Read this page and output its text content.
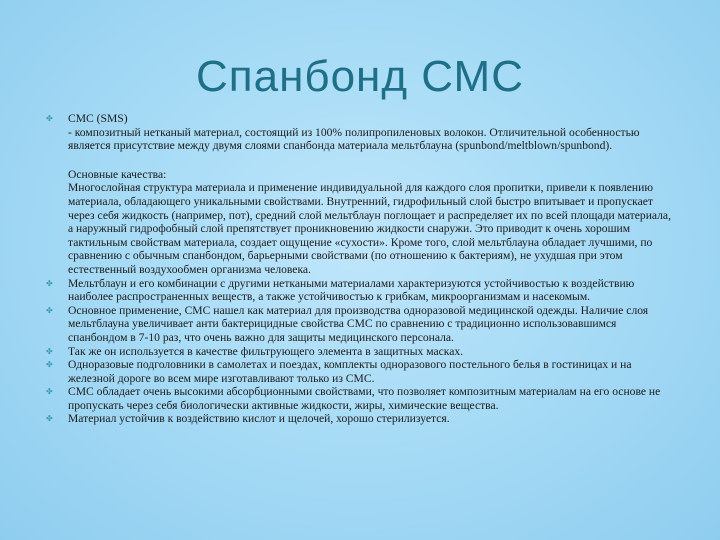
Спанбонд СМС
✤ СМС (SMS)
- композитный нетканый материал, состоящий из 100% полипропиленовых волокон. Отличительной особенностью является присутствие между двумя слоями спанбонда материала мельтблауна (spunbond/meltblown/spunbond).
Основные качества:
Многослойная структура материала и применение индивидуальной для каждого слоя пропитки, привели к появлению материала, обладающего уникальными свойствами. Внутренний, гидрофильный слой быстро впитывает и пропускает через себя жидкость (например, пот), средний слой мельтблаун поглощает и распределяет их по всей площади материала, а наружный гидрофобный слой препятствует проникновению жидкости снаружи. Это приводит к очень хорошим тактильным свойствам материала, создает ощущение «сухости». Кроме того, слой мельтблауна обладает лучшими, по сравнению с обычным спанбондом, барьерными свойствами (по отношению к бактериям), не ухудшая при этом естественный воздухообмен организма человека.
✤ Мельтблаун и его комбинации с другими неткаными материалами характеризуются устойчивостью к воздействию наиболее распространенных веществ, а также устойчивостью к грибкам, микроорганизмам и насекомым.
✤ Основное применение, СМС нашел как материал для производства одноразовой медицинской одежды. Наличие слоя мельтблауна увеличивает анти бактерицидные свойства СМС по сравнению с традиционно использовавшимся спанбондом в 7-10 раз, что очень важно для защиты медицинского персонала.
✤ Так же он используется в качестве фильтрующего элемента в защитных масках.
✤ Одноразовые подголовники в самолетах и поездах, комплекты одноразового постельного белья в гостиницах и на железной дороге во всем мире изготавливают только из СМС.
✤ СМС обладает очень высокими абсорбционными свойствами, что позволяет композитным материалам на его основе не пропускать через себя биологически активные жидкости, жиры, химические вещества.
✤ Материал устойчив к воздействию кислот и щелочей, хорошо стерилизуется.
